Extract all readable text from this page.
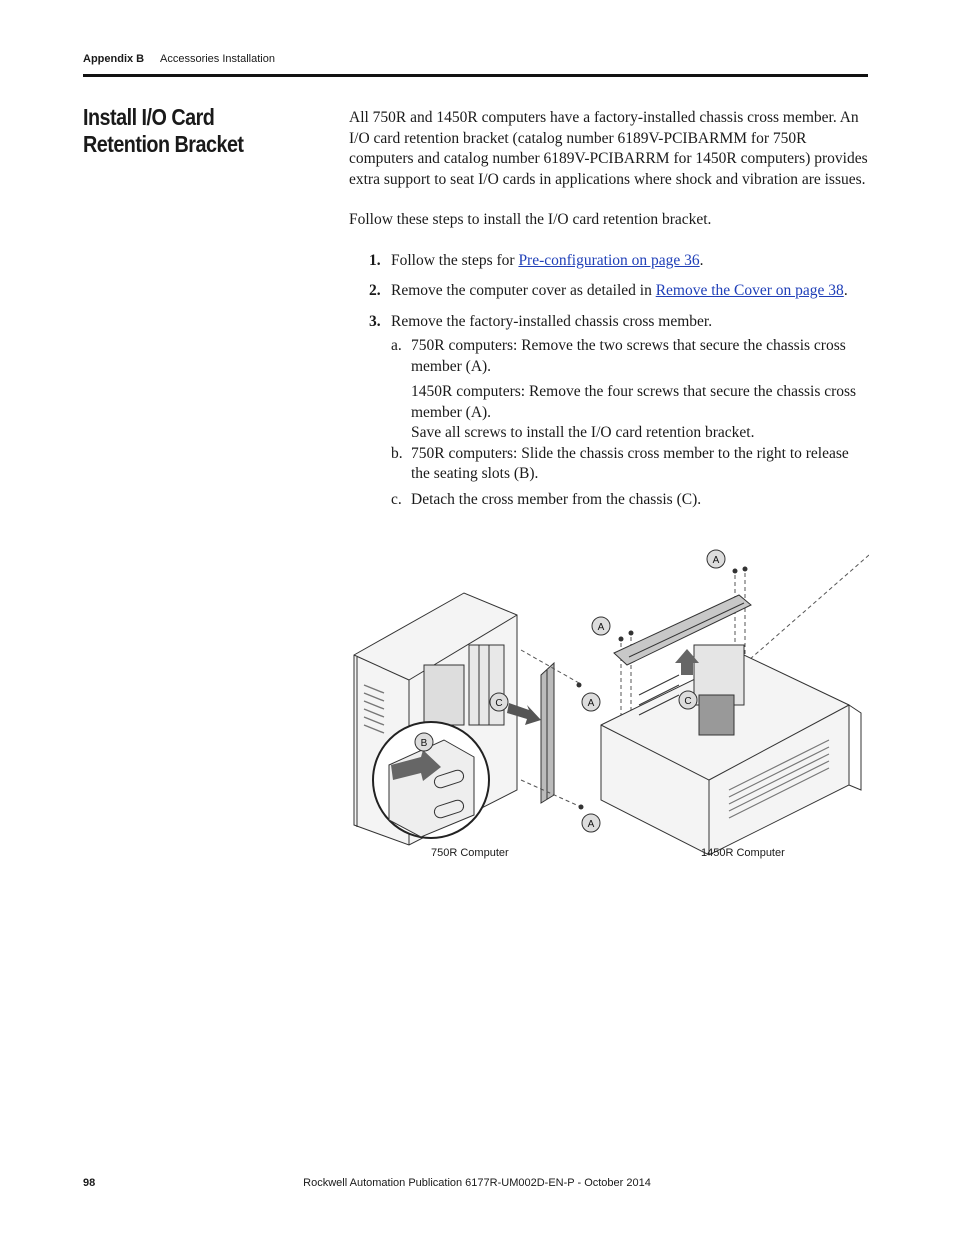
Appendix B Accessories Installation
Install I/O Card Retention Bracket

All 750R and 1450R computers have a factory-installed chassis cross member. An I/O card retention bracket (catalog number 6189V-PCIBARMM for 750R computers and catalog number 6189V-PCIBARRM for 1450R computers) provides extra support to seat I/O cards in applications where shock and vibration are issues.

Follow these steps to install the I/O card retention bracket.

1. Follow the steps for Pre-configuration on page 36.
2. Remove the computer cover as detailed in Remove the Cover on page 38.
3. Remove the factory-installed chassis cross member.
a. 750R computers: Remove the two screws that secure the chassis cross member (A).

1450R computers: Remove the four screws that secure the chassis cross member (A).

Save all screws to install the I/O card retention bracket.

b. 750R computers: Slide the chassis cross member to the right to release the seating slots (B).
c. Detach the cross member from the chassis (C).
A
A
A
C	C
B
A
750R Computer	1450R Computer
98	Rockwell Automation Publication 6177R-UM002D-EN-P - October 2014
